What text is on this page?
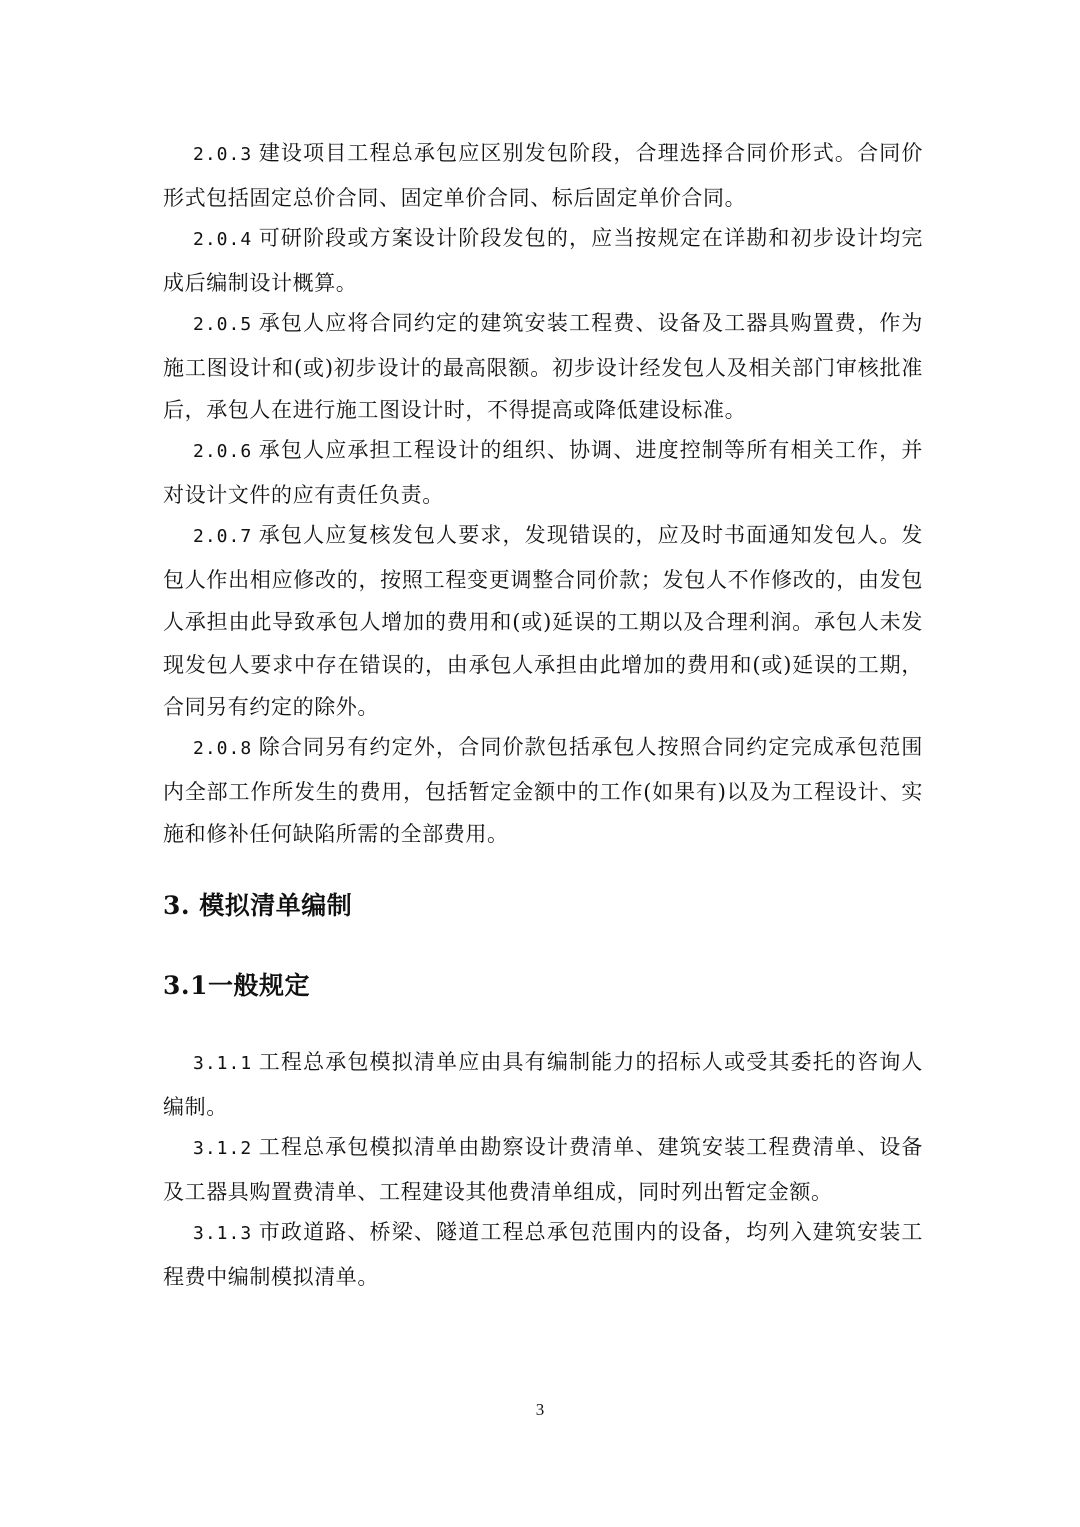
2.0.3 建设项目工程总承包应区别发包阶段，合理选择合同价形式。合同价形式包括固定总价合同、固定单价合同、标后固定单价合同。

2.0.4 可研阶段或方案设计阶段发包的，应当按规定在详勘和初步设计均完成后编制设计概算。

2.0.5 承包人应将合同约定的建筑安装工程费、设备及工器具购置费，作为施工图设计和(或)初步设计的最高限额。初步设计经发包人及相关部门审核批准后，承包人在进行施工图设计时，不得提高或降低建设标准。

2.0.6 承包人应承担工程设计的组织、协调、进度控制等所有相关工作，并对设计文件的应有责任负责。

2.0.7 承包人应复核发包人要求，发现错误的，应及时书面通知发包人。发包人作出相应修改的，按照工程变更调整合同价款；发包人不作修改的，由发包人承担由此导致承包人增加的费用和(或)延误的工期以及合理利润。承包人未发现发包人要求中存在错误的，由承包人承担由此增加的费用和(或)延误的工期，合同另有约定的除外。

2.0.8 除合同另有约定外，合同价款包括承包人按照合同约定完成承包范围内全部工作所发生的费用，包括暂定金额中的工作(如果有)以及为工程设计、实施和修补任何缺陷所需的全部费用。

3. 模拟清单编制
3.1一般规定

3.1.1 工程总承包模拟清单应由具有编制能力的招标人或受其委托的咨询人编制。

3.1.2 工程总承包模拟清单由勘察设计费清单、建筑安装工程费清单、设备及工器具购置费清单、工程建设其他费清单组成，同时列出暂定金额。

3.1.3 市政道路、桥梁、隧道工程总承包范围内的设备，均列入建筑安装工程费中编制模拟清单。

3
